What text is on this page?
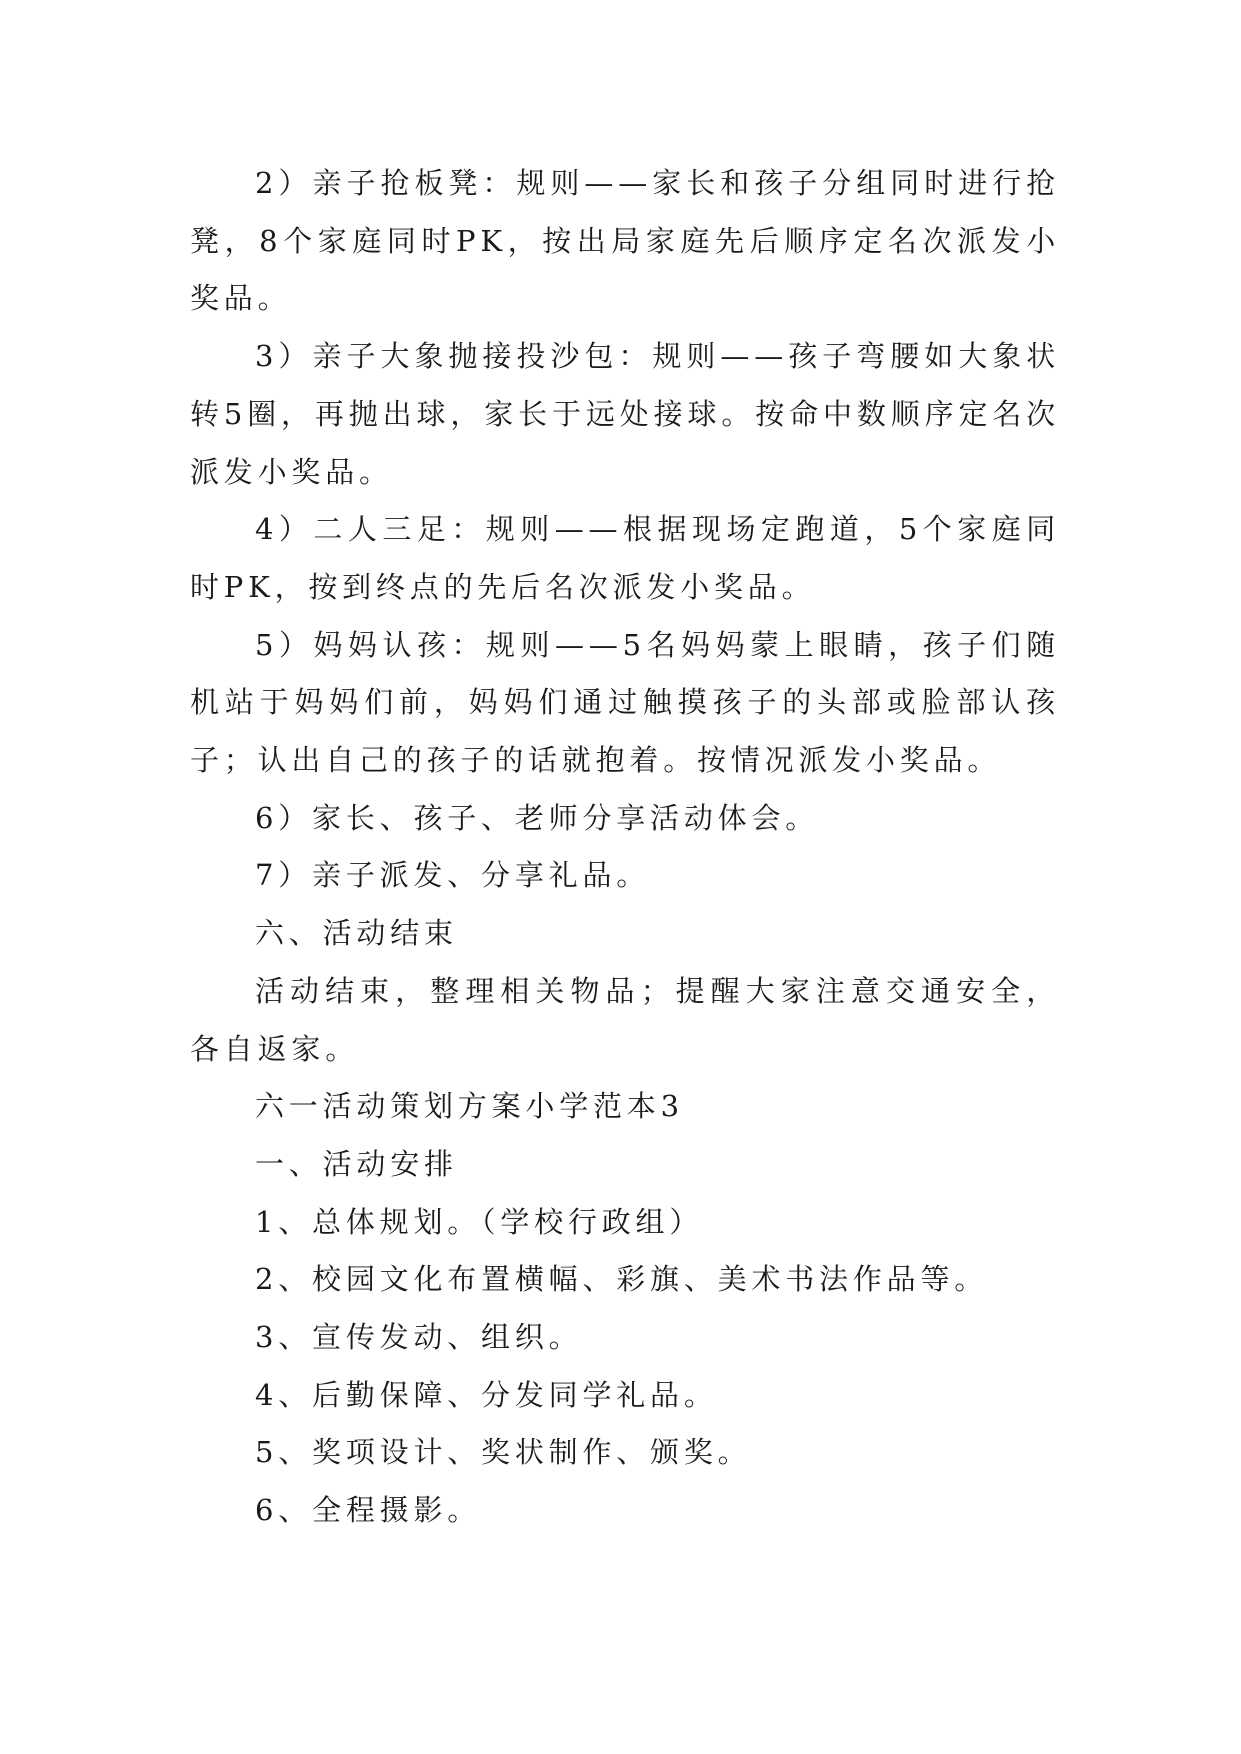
2）亲子抢板凳：规则——家长和孩子分组同时进行抢凳，8个家庭同时PK，按出局家庭先后顺序定名次派发小奖品。

3）亲子大象抛接投沙包：规则——孩子弯腰如大象状转5圈，再抛出球，家长于远处接球。按命中数顺序定名次派发小奖品。

4）二人三足：规则——根据现场定跑道，5个家庭同时PK，按到终点的先后名次派发小奖品。

5）妈妈认孩：规则——5名妈妈蒙上眼睛，孩子们随机站于妈妈们前，妈妈们通过触摸孩子的头部或脸部认孩子；认出自己的孩子的话就抱着。按情况派发小奖品。

6）家长、孩子、老师分享活动体会。

7）亲子派发、分享礼品。

六、活动结束

活动结束，整理相关物品；提醒大家注意交通安全，各自返家。

六一活动策划方案小学范本3

一、活动安排

1、总体规划。（学校行政组）

2、校园文化布置横幅、彩旗、美术书法作品等。

3、宣传发动、组织。

4、后勤保障、分发同学礼品。

5、奖项设计、奖状制作、颁奖。

6、全程摄影。
